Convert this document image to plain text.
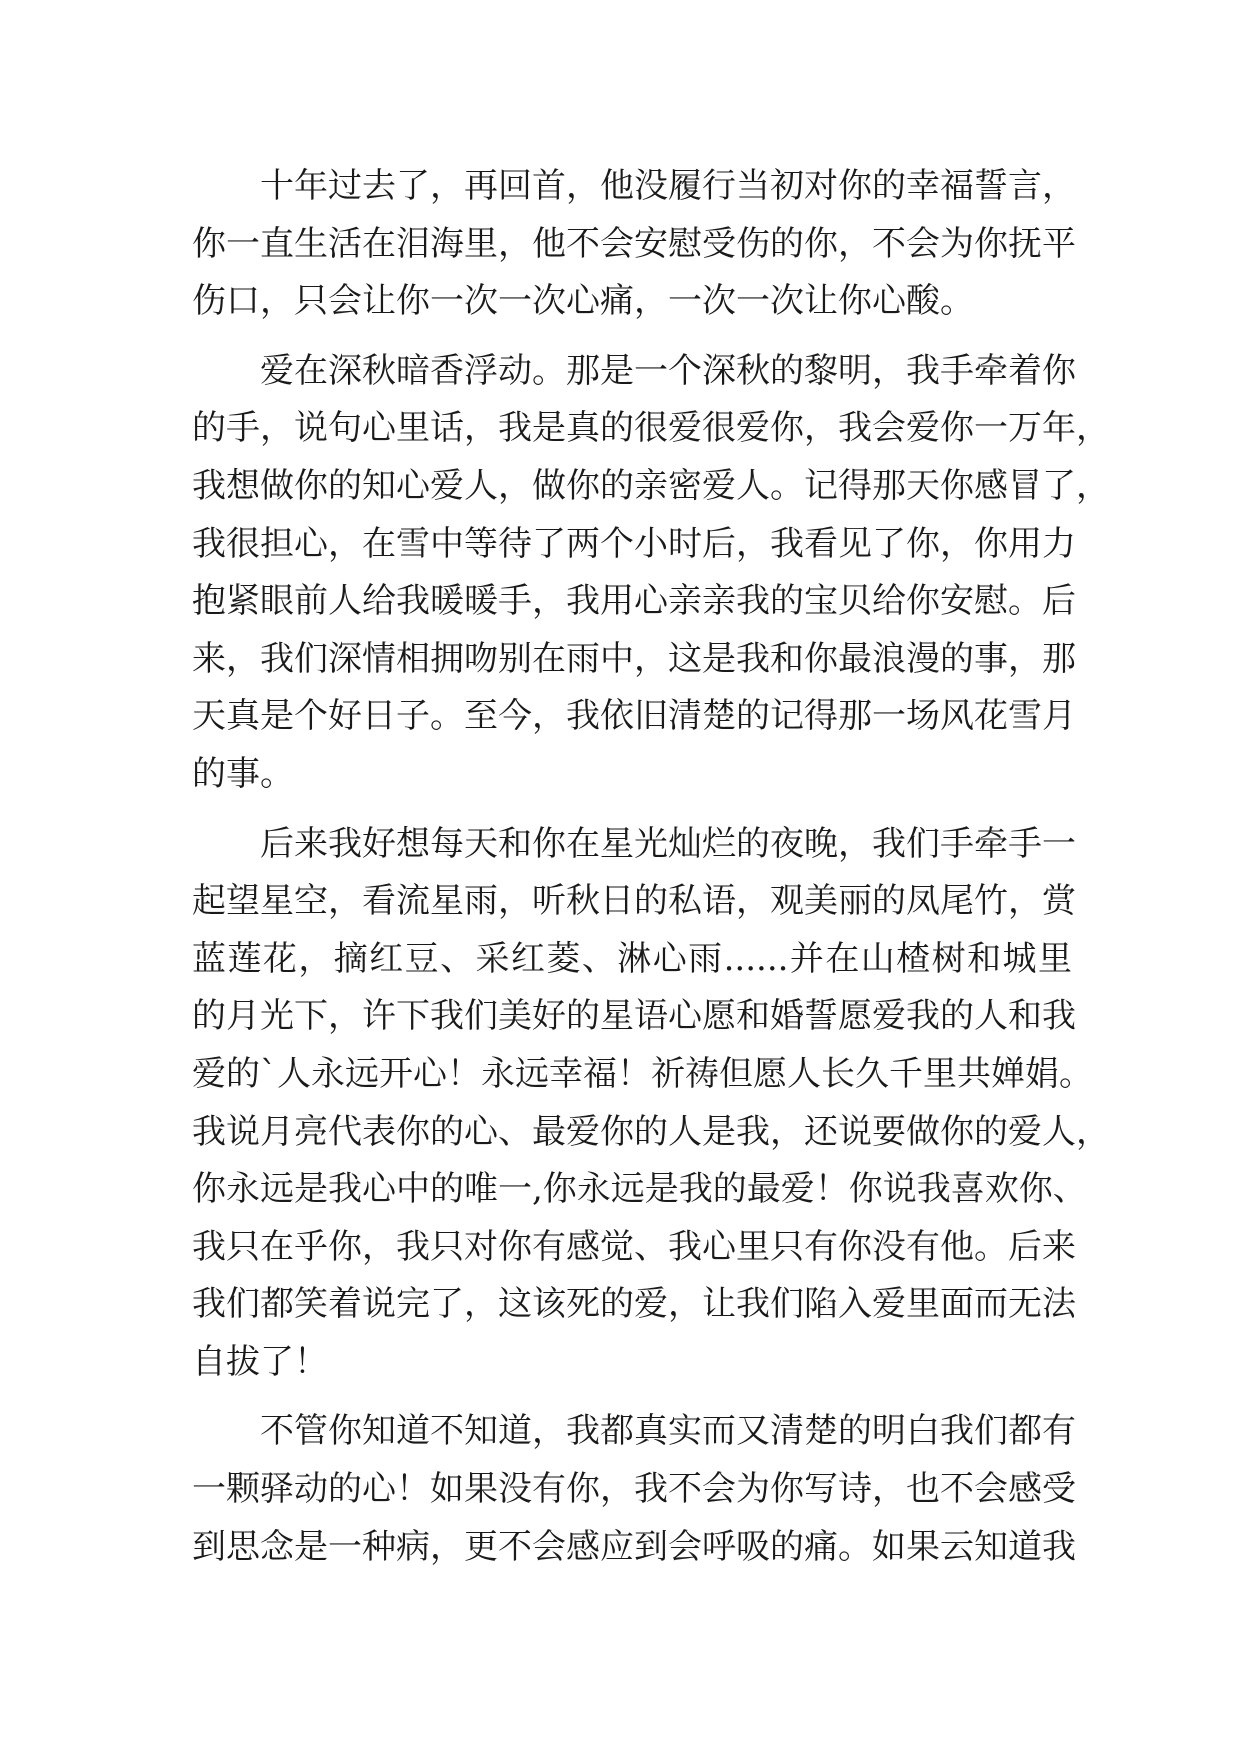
十年过去了，再回首，他没履行当初对你的幸福誓言，
你一直生活在泪海里，他不会安慰受伤的你，不会为你抚平
伤口，只会让你一次一次心痛，一次一次让你心酸。
爱在深秋暗香浮动。那是一个深秋的黎明，我手牵着你
的手，说句心里话，我是真的很爱很爱你，我会爱你一万年，
我想做你的知心爱人，做你的亲密爱人。记得那天你感冒了，
我很担心，在雪中等待了两个小时后，我看见了你，你用力
抱紧眼前人给我暖暖手，我用心亲亲我的宝贝给你安慰。后
来，我们深情相拥吻别在雨中，这是我和你最浪漫的事，那
天真是个好日子。至今，我依旧清楚的记得那一场风花雪月
的事。
后来我好想每天和你在星光灿烂的夜晚，我们手牵手一
起望星空，看流星雨，听秋日的私语，观美丽的凤尾竹，赏
蓝莲花，摘红豆、采红菱、淋心雨......并在山楂树和城里
的月光下，许下我们美好的星语心愿和婚誓愿爱我的人和我
爱的`人永远开心！永远幸福！祈祷但愿人长久千里共婵娟。
我说月亮代表你的心、最爱你的人是我，还说要做你的爱人，
你永远是我心中的唯一,你永远是我的最爱！你说我喜欢你、
我只在乎你，我只对你有感觉、我心里只有你没有他。后来
我们都笑着说完了，这该死的爱，让我们陷入爱里面而无法
自拔了！
不管你知道不知道，我都真实而又清楚的明白我们都有
一颗驿动的心！如果没有你，我不会为你写诗，也不会感受
到思念是一种病，更不会感应到会呼吸的痛。如果云知道我
